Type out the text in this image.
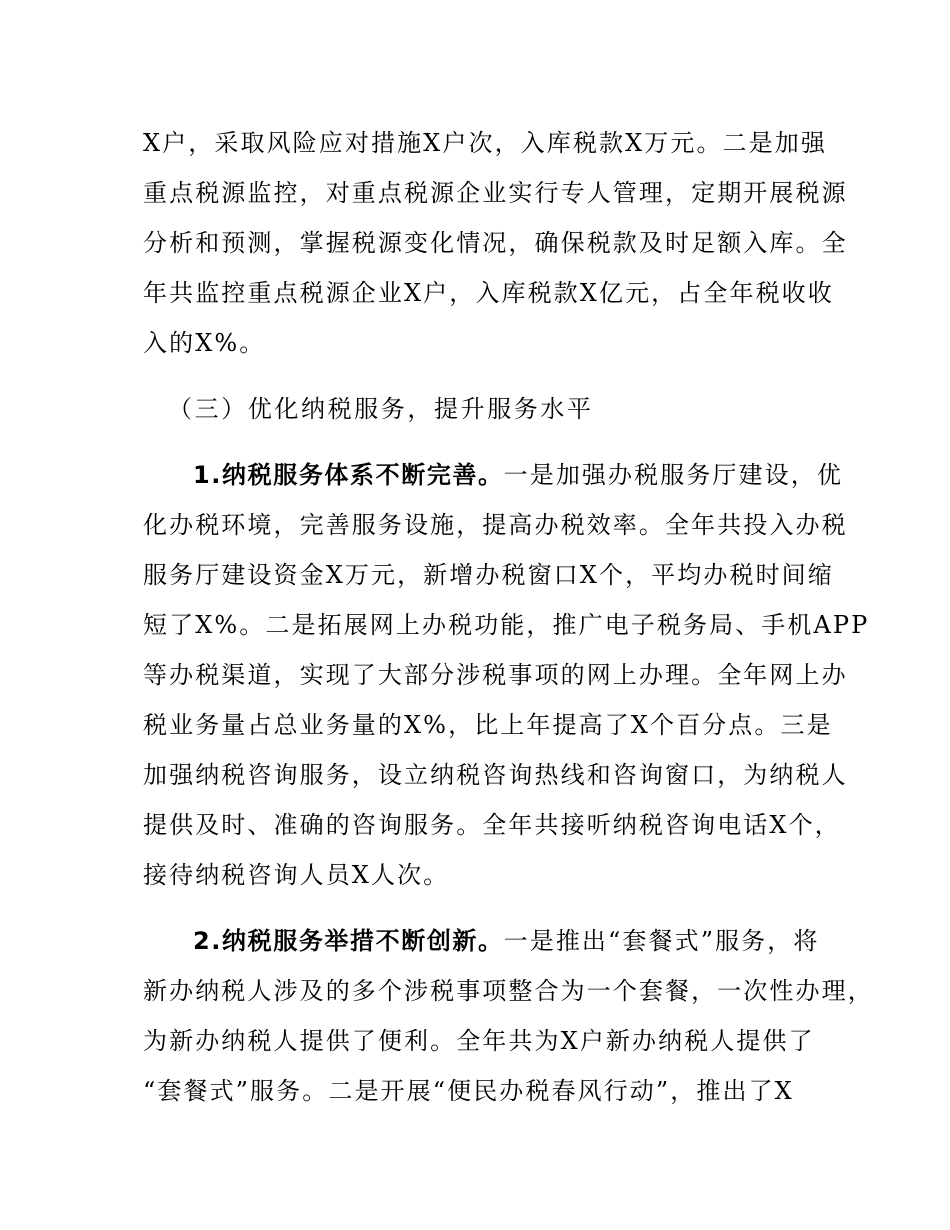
X户，采取风险应对措施X户次，入库税款X万元。二是加强
重点税源监控，对重点税源企业实行专人管理，定期开展税源
分析和预测，掌握税源变化情况，确保税款及时足额入库。全
年共监控重点税源企业X户，入库税款X亿元，占全年税收收
入的X%。
（三）优化纳税服务，提升服务水平
1.纳税服务体系不断完善。一是加强办税服务厅建设，优
化办税环境，完善服务设施，提高办税效率。全年共投入办税
服务厅建设资金X万元，新增办税窗口X个，平均办税时间缩
短了X%。二是拓展网上办税功能，推广电子税务局、手机APP
等办税渠道，实现了大部分涉税事项的网上办理。全年网上办
税业务量占总业务量的X%，比上年提高了X个百分点。三是
加强纳税咨询服务，设立纳税咨询热线和咨询窗口，为纳税人
提供及时、准确的咨询服务。全年共接听纳税咨询电话X个，
接待纳税咨询人员X人次。
2.纳税服务举措不断创新。一是推出“套餐式”服务，将
新办纳税人涉及的多个涉税事项整合为一个套餐，一次性办理，
为新办纳税人提供了便利。全年共为X户新办纳税人提供了
“套餐式”服务。二是开展“便民办税春风行动”，推出了X
